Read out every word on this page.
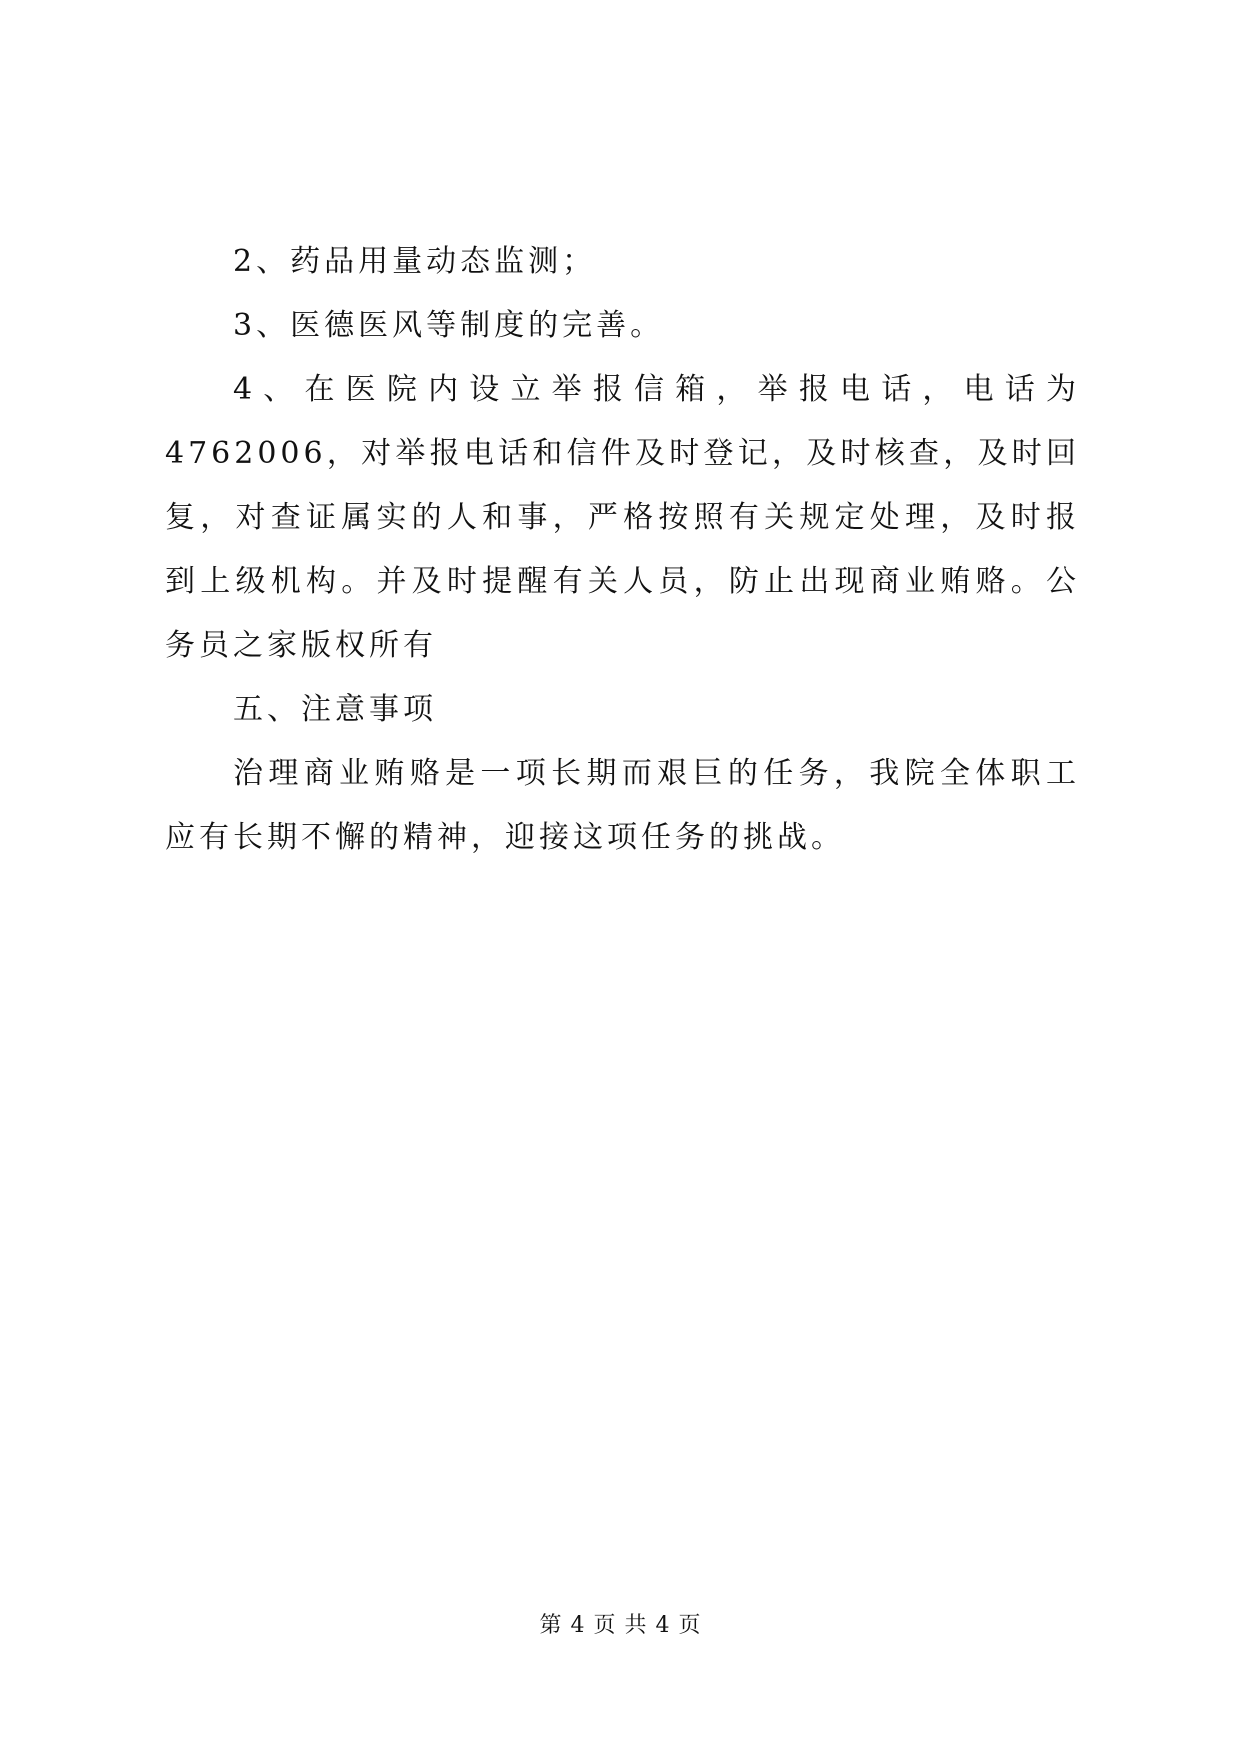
2、药品用量动态监测；

3、医德医风等制度的完善。

4、在医院内设立举报信箱，举报电话，电话为 4762006，对举报电话和信件及时登记，及时核查，及时回复，对查证属实的人和事，严格按照有关规定处理，及时报到上级机构。并及时提醒有关人员，防止出现商业贿赂。公务员之家版权所有

五、注意事项

治理商业贿赂是一项长期而艰巨的任务，我院全体职工应有长期不懈的精神，迎接这项任务的挑战。

第 4 页 共 4 页
